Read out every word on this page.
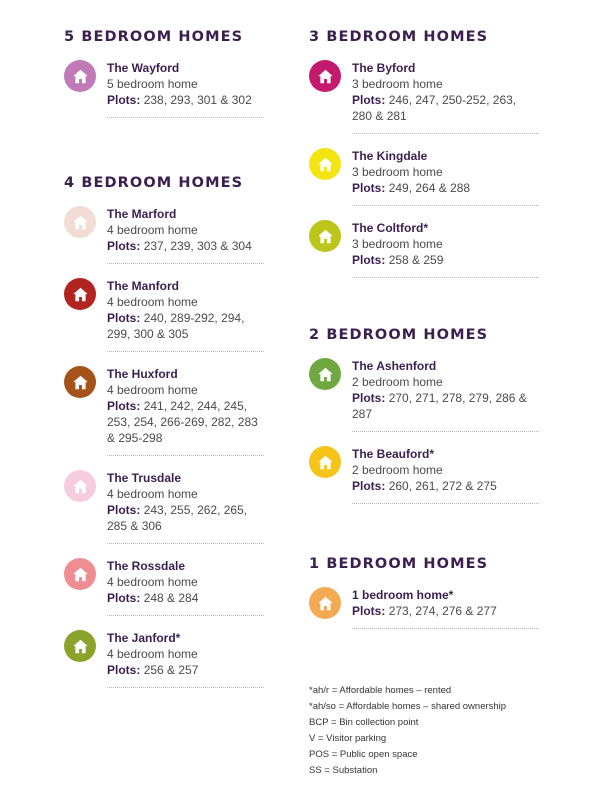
5 BEDROOM HOMES
The Wayford
5 bedroom home
Plots: 238, 293, 301 & 302
4 BEDROOM HOMES
The Marford
4 bedroom home
Plots: 237, 239, 303 & 304
The Manford
4 bedroom home
Plots: 240, 289-292, 294, 299, 300 & 305
The Huxford
4 bedroom home
Plots: 241, 242, 244, 245, 253, 254, 266-269, 282, 283 & 295-298
The Trusdale
4 bedroom home
Plots: 243, 255, 262, 265, 285 & 306
The Rossdale
4 bedroom home
Plots: 248 & 284
The Janford*
4 bedroom home
Plots: 256 & 257
3 BEDROOM HOMES
The Byford
3 bedroom home
Plots: 246, 247, 250-252, 263, 280 & 281
The Kingdale
3 bedroom home
Plots: 249, 264 & 288
The Coltford*
3 bedroom home
Plots: 258 & 259
2 BEDROOM HOMES
The Ashenford
2 bedroom home
Plots: 270, 271, 278, 279, 286 & 287
The Beauford*
2 bedroom home
Plots: 260, 261, 272 & 275
1 BEDROOM HOMES
1 bedroom home*
Plots: 273, 274, 276 & 277
*ah/r = Affordable homes – rented
*ah/so = Affordable homes – shared ownership
BCP = Bin collection point
V = Visitor parking
POS = Public open space
SS = Substation
